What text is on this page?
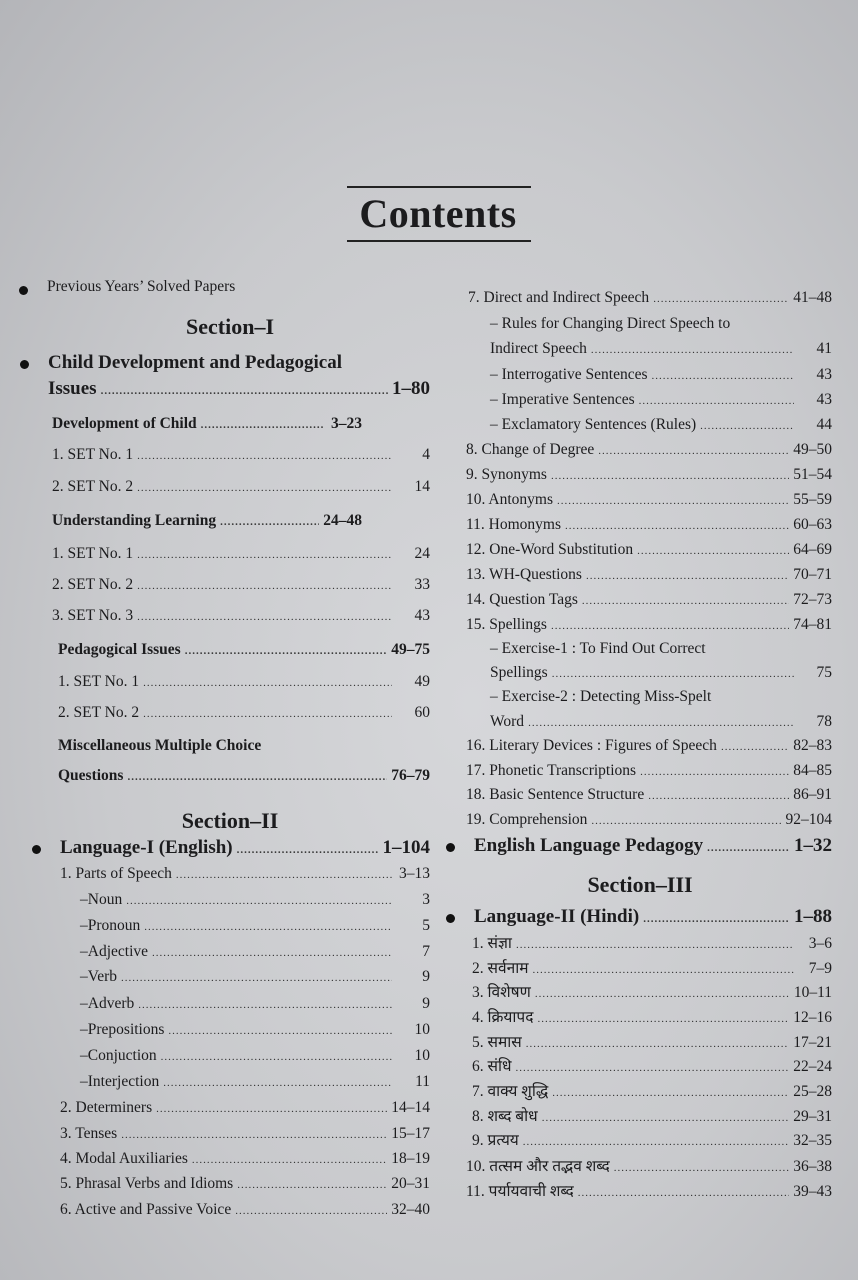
Contents
Previous Years’ Solved Papers
Section–I
Child Development and Pedagogical
Issues .....	1–80
Development of Child .....	3–23
1. SET No. 1 .....	4
2. SET No. 2 .....	14
Understanding Learning .....	24–48
1. SET No. 1 .....	24
2. SET No. 2 .....	33
3. SET No. 3 .....	43
Pedagogical Issues .....	49–75
1. SET No. 1 .....	49
2. SET No. 2 .....	60
Miscellaneous Multiple Choice
Questions .....	76–79
Section–II
Language-I (English) .....	1–104
1. Parts of Speech .....	3–13
–Noun .....	3
–Pronoun .....	5
–Adjective .....	7
–Verb .....	9
–Adverb .....	9
–Prepositions .....	10
–Conjuction .....	10
–Interjection .....	11
2. Determiners .....	14–14
3. Tenses .....	15–17
4. Modal Auxiliaries .....	18–19
5. Phrasal Verbs and Idioms .....	20–31
6. Active and Passive Voice .....	32–40
7. Direct and Indirect Speech .....	41–48
– Rules for Changing Direct Speech to
Indirect Speech .....	41
– Interrogative Sentences .....	43
– Imperative Sentences .....	43
– Exclamatory Sentences (Rules) .....	44
8. Change of Degree .....	49–50
9. Synonyms .....	51–54
10. Antonyms .....	55–59
11. Homonyms .....	60–63
12. One-Word Substitution .....	64–69
13. WH-Questions .....	70–71
14. Question Tags .....	72–73
15. Spellings .....	74–81
– Exercise-1 : To Find Out Correct
Spellings .....	75
– Exercise-2 : Detecting Miss-Spelt
Word .....	78
16. Literary Devices : Figures of Speech .....	82–83
17. Phonetic Transcriptions .....	84–85
18. Basic Sentence Structure .....	86–91
19. Comprehension .....	92–104
English Language Pedagogy .....	1–32
Section–III
Language-II (Hindi) .....	1–88
1. संज्ञा .....	3–6
2. सर्वनाम .....	7–9
3. विशेषण .....	10–11
4. क्रियापद .....	12–16
5. समास .....	17–21
6. संधि .....	22–24
7. वाक्य शुद्धि .....	25–28
8. शब्द बोध .....	29–31
9. प्रत्यय .....	32–35
10. तत्सम और तद्भव शब्द .....	36–38
11. पर्यायवाची शब्द .....	39–43
